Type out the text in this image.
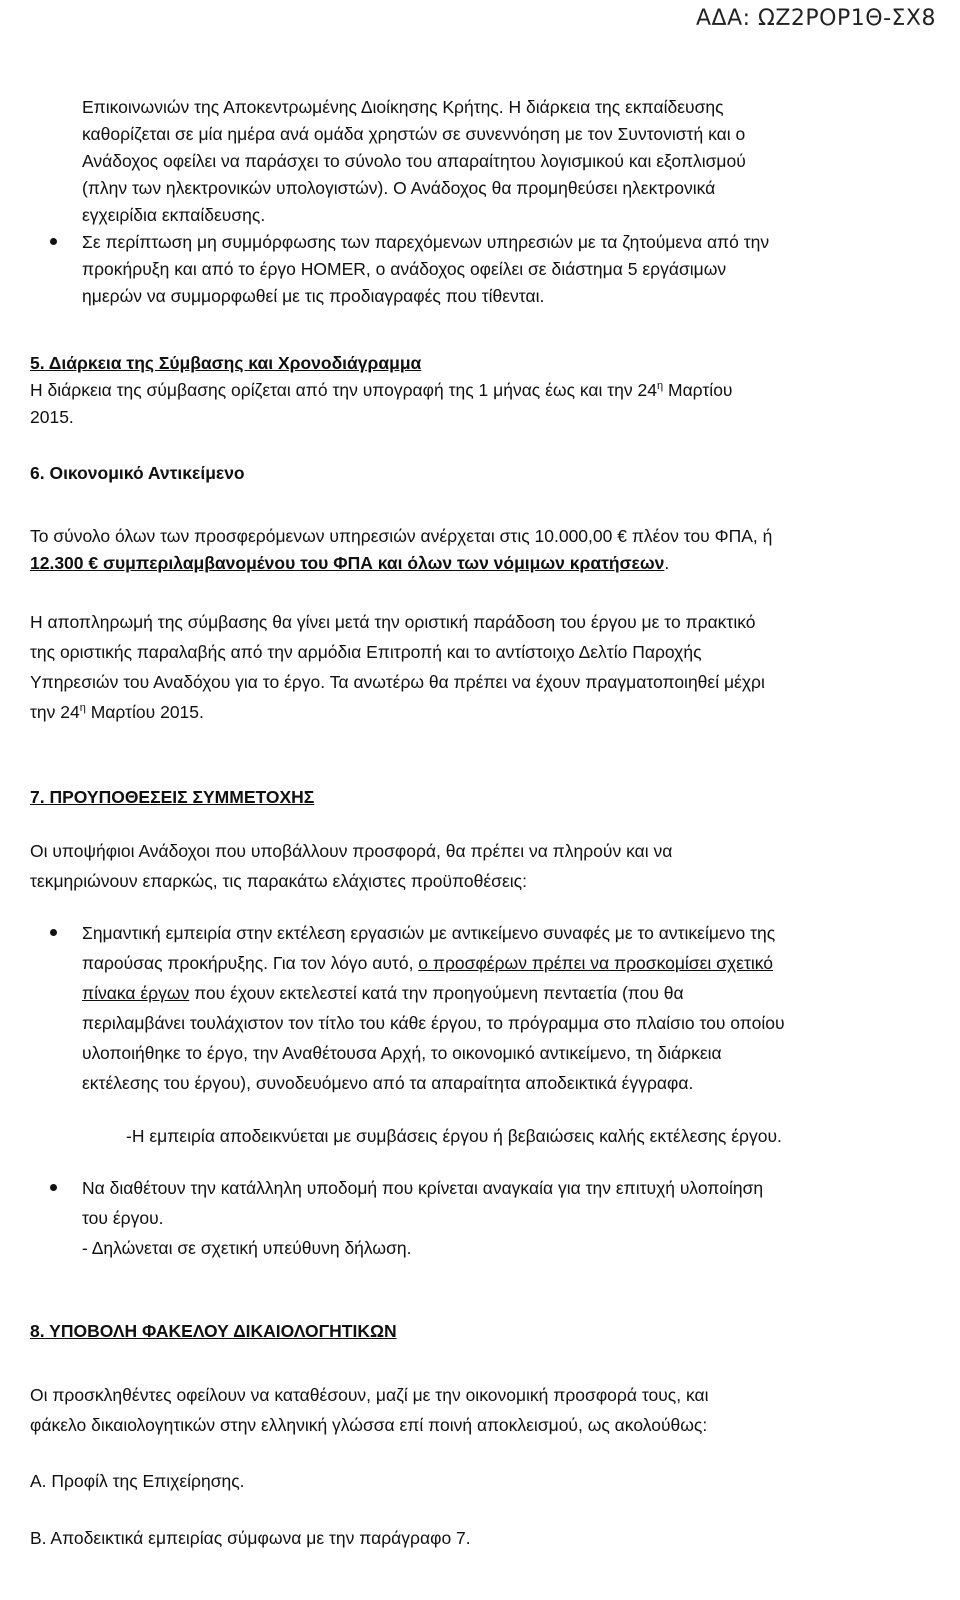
ΑΔΑ: ΩΖ2ΡΟΡ1Θ-ΣΧ8
Επικοινωνιών της Αποκεντρωμένης Διοίκησης Κρήτης. Η διάρκεια της εκπαίδευσης
καθορίζεται σε μία ημέρα ανά ομάδα χρηστών σε συνεννόηση με τον Συντονιστή και ο
Ανάδοχος οφείλει να παράσχει το σύνολο του απαραίτητου λογισμικού και εξοπλισμού
(πλην των ηλεκτρονικών υπολογιστών). Ο Ανάδοχος θα προμηθεύσει ηλεκτρονικά
εγχειρίδια εκπαίδευσης.
Σε περίπτωση μη συμμόρφωσης των παρεχόμενων υπηρεσιών με τα ζητούμενα από την
προκήρυξη και από το έργο HOMER, ο ανάδοχος οφείλει σε διάστημα 5 εργάσιμων
ημερών να συμμορφωθεί με τις προδιαγραφές που τίθενται.
5. Διάρκεια της Σύμβασης και Χρονοδιάγραμμα
Η διάρκεια της σύμβασης ορίζεται από την υπογραφή της 1 μήνας έως και την $24^\eta$ Μαρτίου
2015.
6. Οικονομικό Αντικείμενο
Το σύνολο όλων των προσφερόμενων υπηρεσιών ανέρχεται στις 10.000,00 € πλέον του ΦΠΑ, ή
12.300 € συμπεριλαμβανομένου του ΦΠΑ και όλων των νόμιμων κρατήσεων.
Η αποπληρωμή της σύμβασης θα γίνει μετά την οριστική παράδοση του έργου με το πρακτικό
της οριστικής παραλαβής από την αρμόδια Επιτροπή και το αντίστοιχο Δελτίο Παροχής
Υπηρεσιών του Αναδόχου για το έργο. Τα ανωτέρω θα πρέπει να έχουν πραγματοποιηθεί μέχρι
την $24^\eta$ Μαρτίου 2015.
7. ΠΡΟΥΠΟΘΕΣΕΙΣ ΣΥΜΜΕΤΟΧΗΣ
Οι υποψήφιοι Ανάδοχοι που υποβάλλουν προσφορά, θα πρέπει να πληρούν και να
τεκμηριώνουν επαρκώς, τις παρακάτω ελάχιστες προϋποθέσεις:
Σημαντική εμπειρία στην εκτέλεση εργασιών με αντικείμενο συναφές με το αντικείμενο της
παρούσας προκήρυξης. Για τον λόγο αυτό, ο προσφέρων πρέπει να προσκομίσει σχετικό
πίνακα έργων που έχουν εκτελεστεί κατά την προηγούμενη πενταετία (που θα
περιλαμβάνει τουλάχιστον τον τίτλο του κάθε έργου, το πρόγραμμα στο πλαίσιο του οποίου
υλοποιήθηκε το έργο, την Αναθέτουσα Αρχή, το οικονομικό αντικείμενο, τη διάρκεια
εκτέλεσης του έργου), συνοδευόμενο από τα απαραίτητα αποδεικτικά έγγραφα.
-Η εμπειρία αποδεικνύεται με συμβάσεις έργου ή βεβαιώσεις καλής εκτέλεσης έργου.
Να διαθέτουν την κατάλληλη υποδομή που κρίνεται αναγκαία για την επιτυχή υλοποίηση
του έργου.
- Δηλώνεται σε σχετική υπεύθυνη δήλωση.
8. ΥΠΟΒΟΛΗ ΦΑΚΕΛΟΥ ΔΙΚΑΙΟΛΟΓΗΤΙΚΩΝ
Οι προσκληθέντες οφείλουν να καταθέσουν, μαζί με την οικονομική προσφορά τους, και
φάκελο δικαιολογητικών στην ελληνική γλώσσα επί ποινή αποκλεισμού, ως ακολούθως:
Α. Προφίλ της Επιχείρησης.
Β. Αποδεικτικά εμπειρίας σύμφωνα με την παράγραφο 7.
